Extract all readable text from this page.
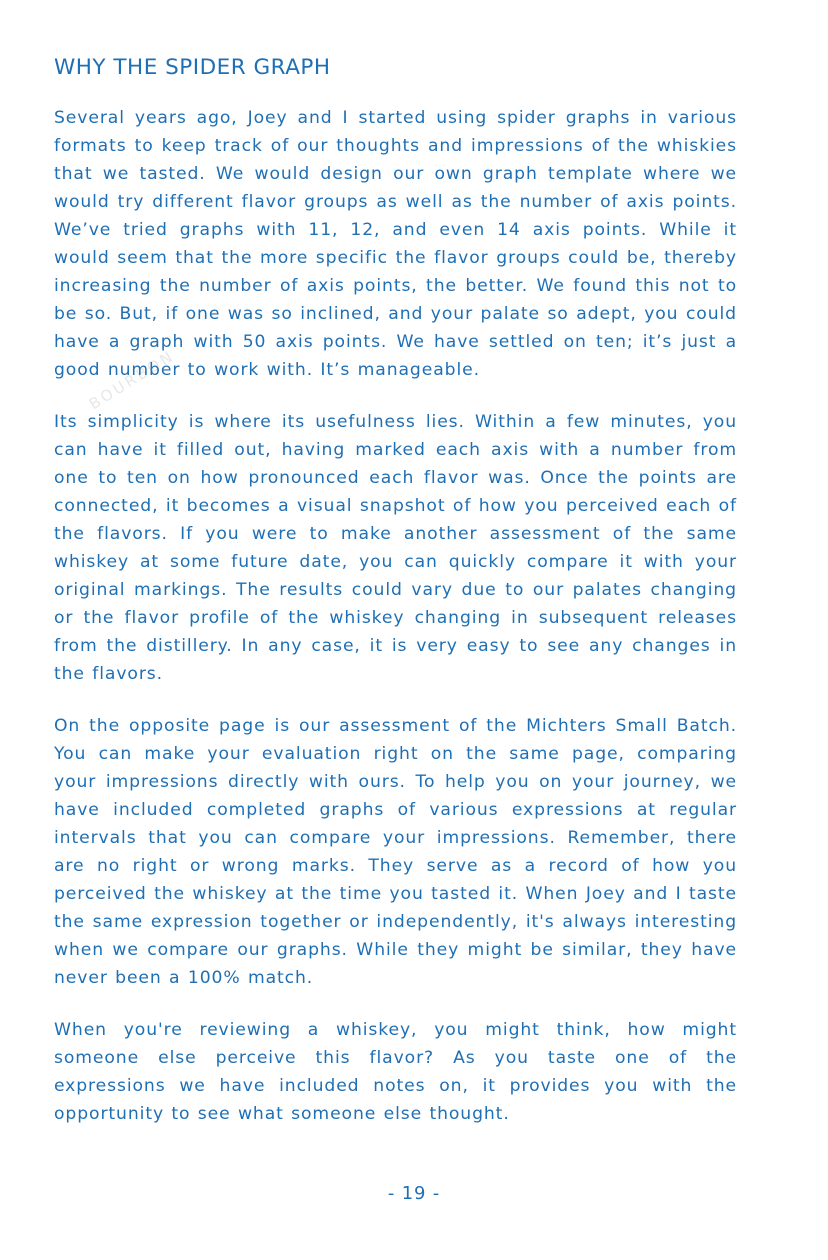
WHY THE SPIDER GRAPH

Several years ago, Joey and I started using spider graphs in various formats to keep track of our thoughts and impressions of the whiskies that we tasted. We would design our own graph template where we would try different flavor groups as well as the number of axis points. We’ve tried graphs with 11, 12, and even 14 axis points. While it would seem that the more specific the flavor groups could be, thereby increasing the number of axis points, the better. We found this not to be so. But, if one was so inclined, and your palate so adept, you could have a graph with 50 axis points. We have settled on ten; it’s just a good number to work with. It’s manageable.

Its simplicity is where its usefulness lies. Within a few minutes, you can have it filled out, having marked each axis with a number from one to ten on how pronounced each flavor was. Once the points are connected, it becomes a visual snapshot of how you perceived each of the flavors. If you were to make another assessment of the same whiskey at some future date, you can quickly compare it with your original markings. The results could vary due to our palates changing or the flavor profile of the whiskey changing in subsequent releases from the distillery. In any case, it is very easy to see any changes in the flavors.

On the opposite page is our assessment of the Michters Small Batch. You can make your evaluation right on the same page, comparing your impressions directly with ours. To help you on your journey, we have included completed graphs of various expressions at regular intervals that you can compare your impressions. Remember, there are no right or wrong marks. They serve as a record of how you perceived the whiskey at the time you tasted it. When Joey and I taste the same expression together or independently, it's always interesting when we compare our graphs. While they might be similar, they have never been a 100% match.

When you're reviewing a whiskey, you might think, how might someone else perceive this flavor? As you taste one of the expressions we have included notes on, it provides you with the opportunity to see what someone else thought.

BOURBON
- 19 -
